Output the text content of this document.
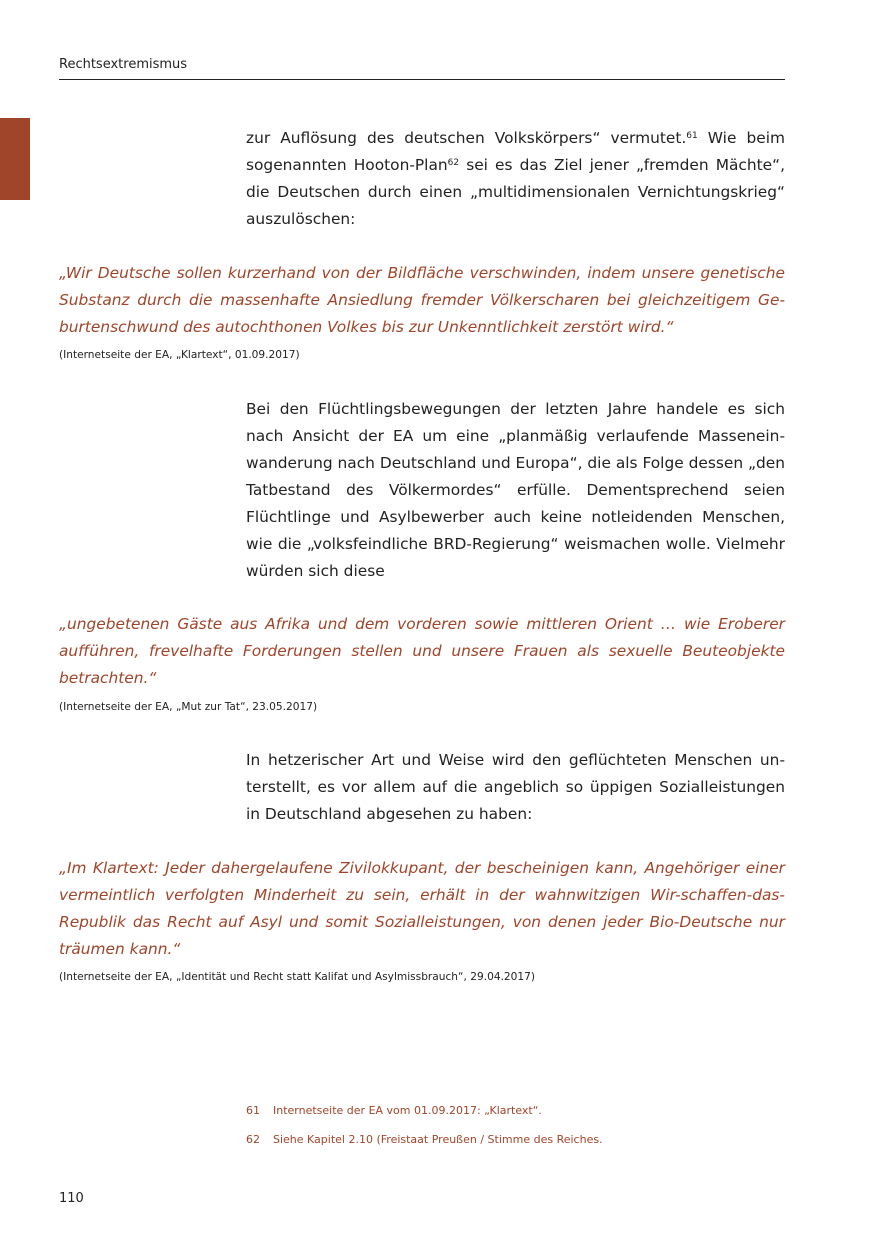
Rechtsextremismus

zur Auflösung des deutschen Volkskörpers“ vermutet.$^{61}$ Wie beim sogenannten Hooton-Plan$^{62}$ sei es das Ziel jener „fremden Mächte“, die Deutschen durch einen „multidimensionalen Vernichtungskrieg“ auszulöschen:

„Wir Deutsche sollen kurzerhand von der Bildfläche verschwinden, indem unsere genetische Substanz durch die massenhafte Ansiedlung fremder Völkerscharen bei gleichzeitigem Geburtenschwund des autochthonen Volkes bis zur Unkenntlichkeit zerstört wird.“

(Internetseite der EA, „Klartext“, 01.09.2017)

Bei den Flüchtlingsbewegungen der letzten Jahre handele es sich nach Ansicht der EA um eine „planmäßig verlaufende Masseneinwanderung nach Deutschland und Europa“, die als Folge dessen „den Tatbestand des Völkermordes“ erfülle. Dementsprechend seien Flüchtlinge und Asylbewerber auch keine notleidenden Menschen, wie die „volksfeindliche BRD-Regierung“ weismachen wolle. Vielmehr würden sich diese

„ungebetenen Gäste aus Afrika und dem vorderen sowie mittleren Orient … wie Eroberer aufführen, frevelhafte Forderungen stellen und unsere Frauen als sexuelle Beuteobjekte betrachten.“

(Internetseite der EA, „Mut zur Tat“, 23.05.2017)

In hetzerischer Art und Weise wird den geflüchteten Menschen unterstellt, es vor allem auf die angeblich so üppigen Sozialleistungen in Deutschland abgesehen zu haben:

„Im Klartext: Jeder dahergelaufene Zivilokkupant, der bescheinigen kann, Angehöriger einer vermeintlich verfolgten Minderheit zu sein, erhält in der wahnwitzigen Wir-schaffen-das-Republik das Recht auf Asyl und somit Sozialleistungen, von denen jeder Bio-Deutsche nur träumen kann.“

(Internetseite der EA, „Identität und Recht statt Kalifat und Asylmissbrauch“, 29.04.2017)

61 Internetseite der EA vom 01.09.2017: „Klartext“.
62 Siehe Kapitel 2.10 (Freistaat Preußen / Stimme des Reiches.
110
